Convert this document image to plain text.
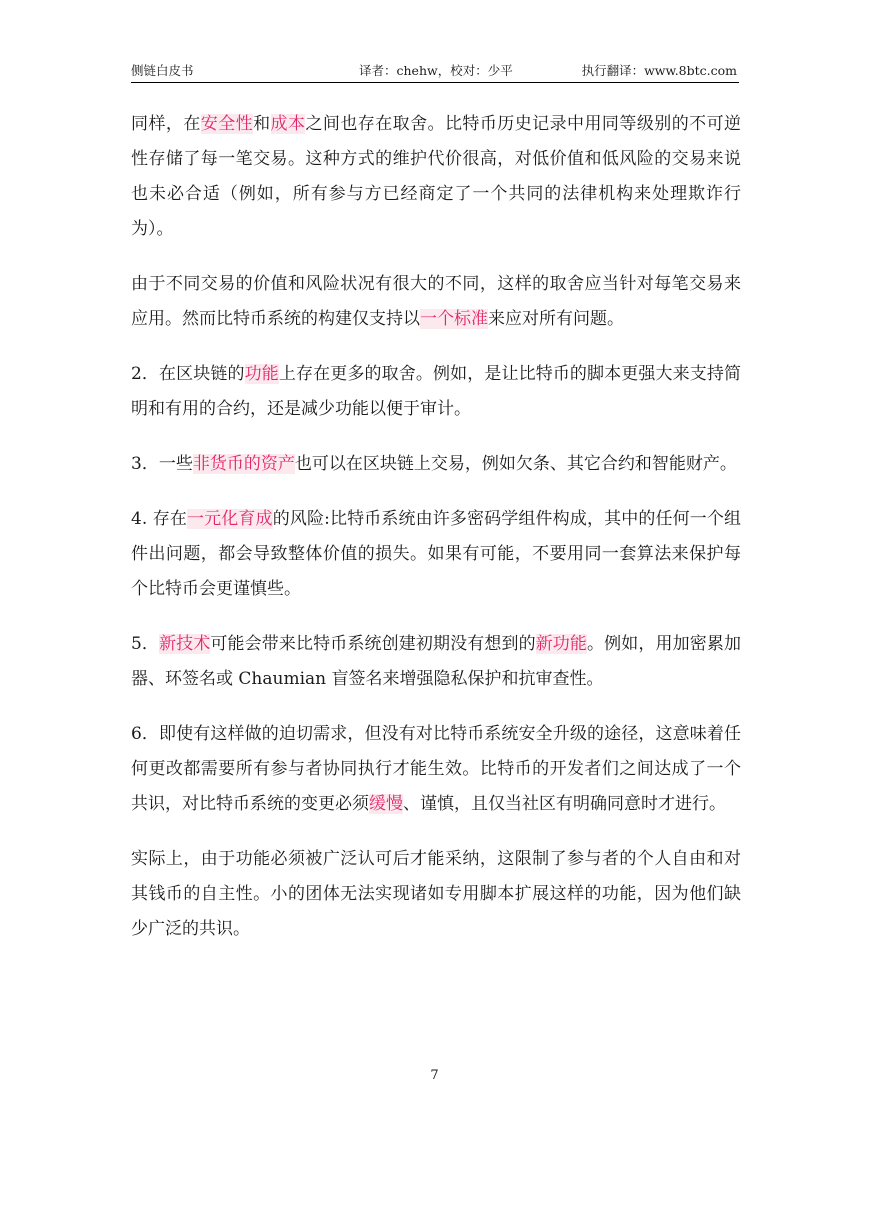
侧链白皮书	译者：chehw，校对：少平	执行翻译：www.8btc.com

同样，在安全性和成本之间也存在取舍。比特币历史记录中用同等级别的不可逆性存储了每一笔交易。这种方式的维护代价很高，对低价值和低风险的交易来说也未必合适（例如，所有参与方已经商定了一个共同的法律机构来处理欺诈行为）。

由于不同交易的价值和风险状况有很大的不同，这样的取舍应当针对每笔交易来应用。然而比特币系统的构建仅支持以一个标准来应对所有问题。

2．在区块链的功能上存在更多的取舍。例如，是让比特币的脚本更强大来支持简明和有用的合约，还是减少功能以便于审计。

3．一些非货币的资产也可以在区块链上交易，例如欠条、其它合约和智能财产。

4. 存在一元化育成的风险:比特币系统由许多密码学组件构成，其中的任何一个组件出问题，都会导致整体价值的损失。如果有可能，不要用同一套算法来保护每个比特币会更谨慎些。

5．新技术可能会带来比特币系统创建初期没有想到的新功能。例如，用加密累加器、环签名或 Chaumian 盲签名来增强隐私保护和抗审查性。

6．即使有这样做的迫切需求，但没有对比特币系统安全升级的途径，这意味着任何更改都需要所有参与者协同执行才能生效。比特币的开发者们之间达成了一个共识，对比特币系统的变更必须缓慢、谨慎，且仅当社区有明确同意时才进行。

实际上，由于功能必须被广泛认可后才能采纳，这限制了参与者的个人自由和对其钱币的自主性。小的团体无法实现诸如专用脚本扩展这样的功能，因为他们缺少广泛的共识。

7
